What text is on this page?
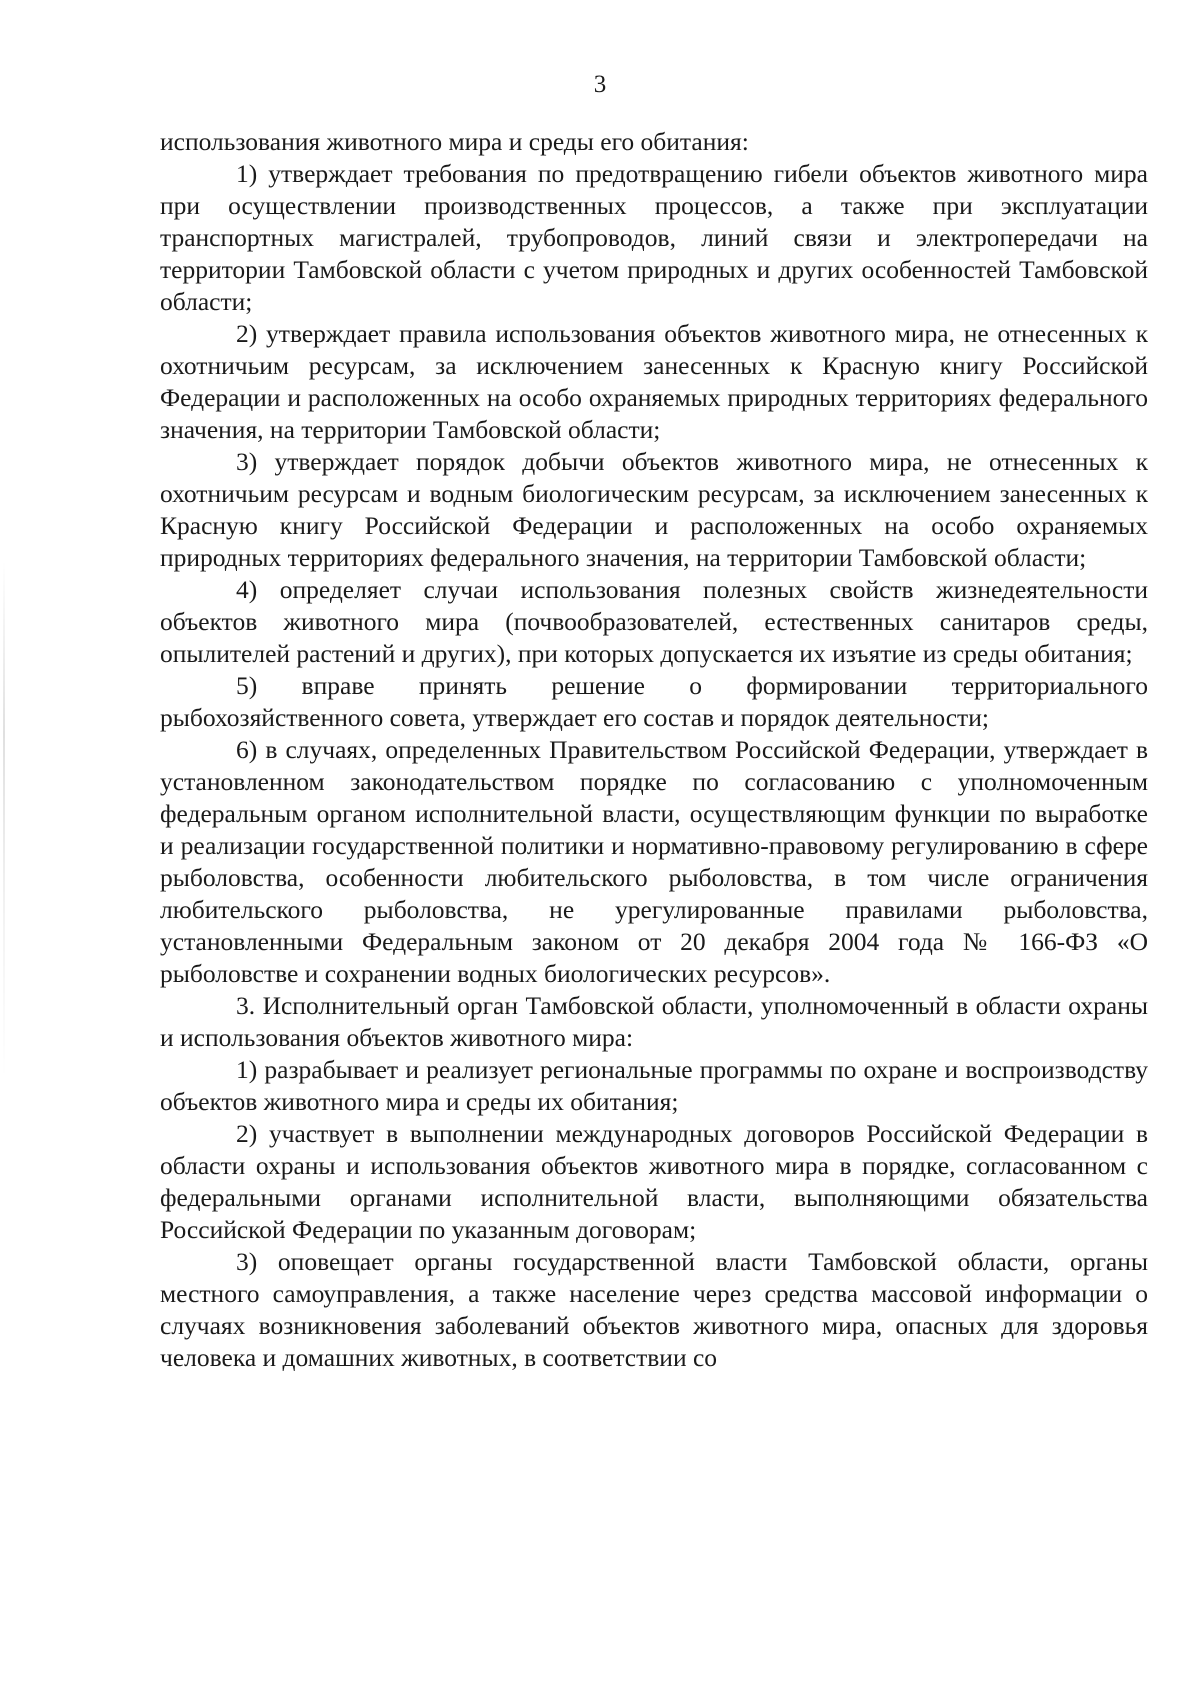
3

использования животного мира и среды его обитания:

1) утверждает требования по предотвращению гибели объектов животного мира при осуществлении производственных процессов, а также при эксплуатации транспортных магистралей, трубопроводов, линий связи и электропередачи на территории Тамбовской области с учетом природных и других особенностей Тамбовской области;

2) утверждает правила использования объектов животного мира, не отнесенных к охотничьим ресурсам, за исключением занесенных к Красную книгу Российской Федерации и расположенных на особо охраняемых природных территориях федерального значения, на территории Тамбовской области;

3) утверждает порядок добычи объектов животного мира, не отнесенных к охотничьим ресурсам и водным биологическим ресурсам, за исключением занесенных к Красную книгу Российской Федерации и расположенных на особо охраняемых природных территориях федерального значения, на территории Тамбовской области;

4) определяет случаи использования полезных свойств жизнедеятельности объектов животного мира (почвообразователей, естественных санитаров среды, опылителей растений и других), при которых допускается их изъятие из среды обитания;

5) вправе принять решение о формировании территориального рыбохозяйственного совета, утверждает его состав и порядок деятельности;

6) в случаях, определенных Правительством Российской Федерации, утверждает в установленном законодательством порядке по согласованию с уполномоченным федеральным органом исполнительной власти, осуществляющим функции по выработке и реализации государственной политики и нормативно-правовому регулированию в сфере рыболовства, особенности любительского рыболовства, в том числе ограничения любительского рыболовства, не урегулированные правилами рыболовства, установленными Федеральным законом от 20 декабря 2004 года № 166-ФЗ «О рыболовстве и сохранении водных биологических ресурсов».

3. Исполнительный орган Тамбовской области, уполномоченный в области охраны и использования объектов животного мира:

1) разрабывает и реализует региональные программы по охране и воспроизводству объектов животного мира и среды их обитания;

2) участвует в выполнении международных договоров Российской Федерации в области охраны и использования объектов животного мира в порядке, согласованном с федеральными органами исполнительной власти, выполняющими обязательства Российской Федерации по указанным договорам;

3) оповещает органы государственной власти Тамбовской области, органы местного самоуправления, а также население через средства массовой информации о случаях возникновения заболеваний объектов животного мира, опасных для здоровья человека и домашних животных, в соответствии со
